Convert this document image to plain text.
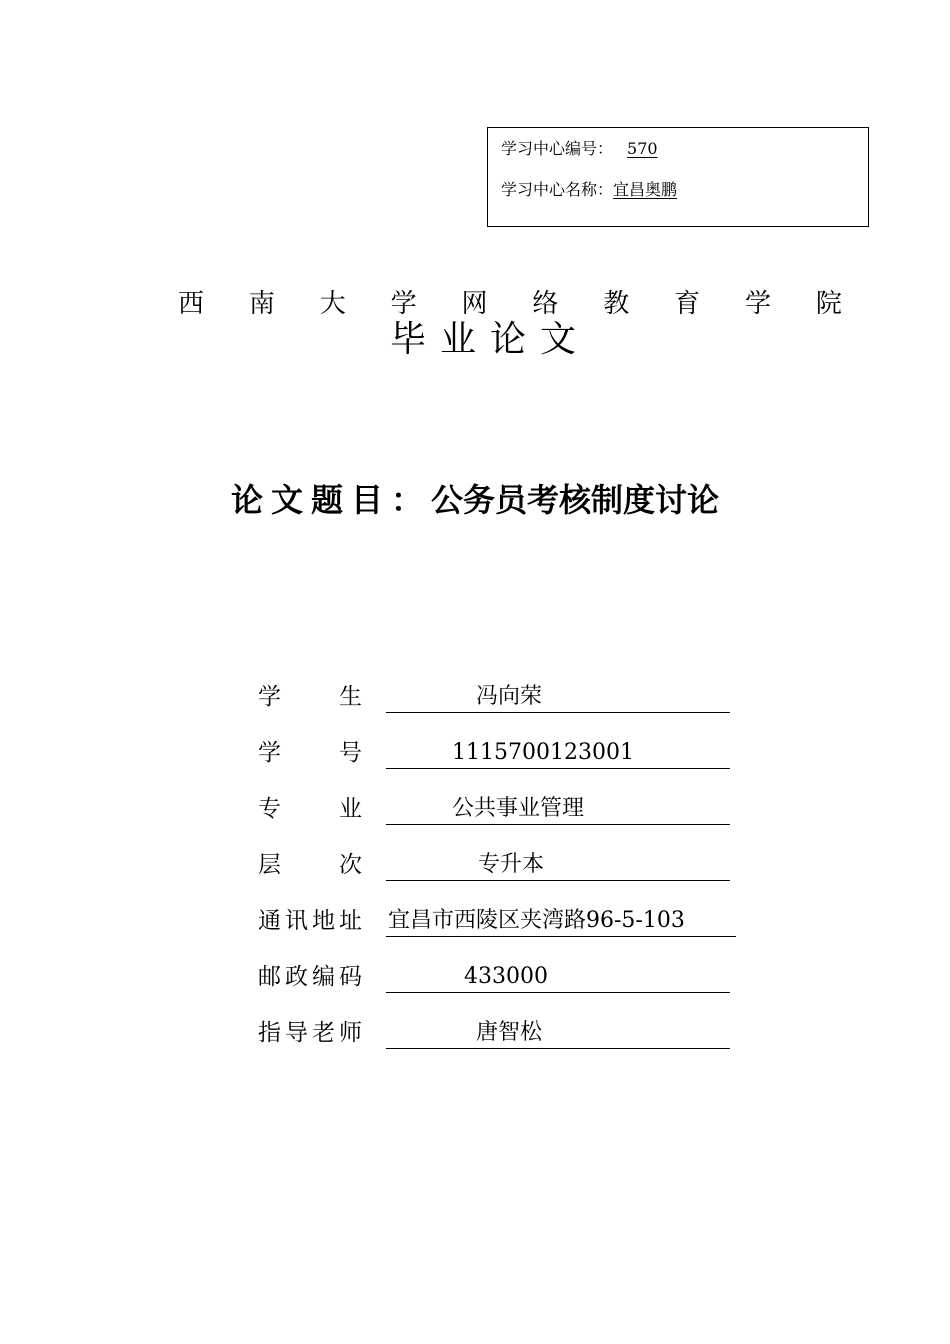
学习中心编号： 570
学习中心名称：宜昌奥鹏
西 南 大 学 网 络 教 育 学 院
毕业论文
论文题目：公务员考核制度讨论
学	生	冯向荣
学	号	1115700123001
专	业	公共事业管理
层	次	专升本
通 讯 地 址 宜昌市西陵区夹湾路96-5-103
邮 政 编 码	433000
指 导 老 师	唐智松
